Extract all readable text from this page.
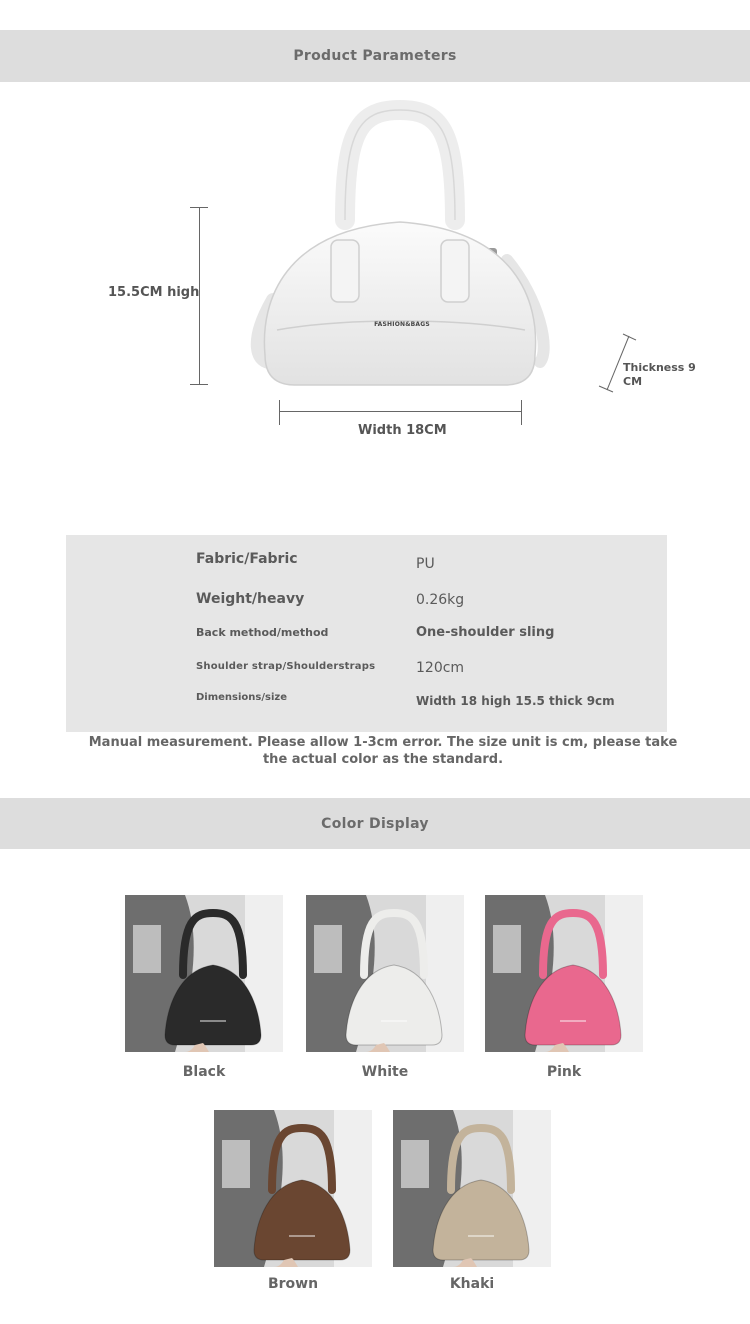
Product Parameters
FASHION&BAGS
15.5CM high
Width 18CM
Thickness 9 CM
Fabric/Fabric	PU
Weight/heavy	0.26kg
Back method/method	One-shoulder sling
Shoulder strap/Shoulderstraps	120cm
Dimensions/size	Width 18 high 15.5 thick 9cm
Manual measurement. Please allow 1-3cm error. The size unit is cm, please take the actual color as the standard.
Color Display
Black	White	Pink
Brown	Khaki
